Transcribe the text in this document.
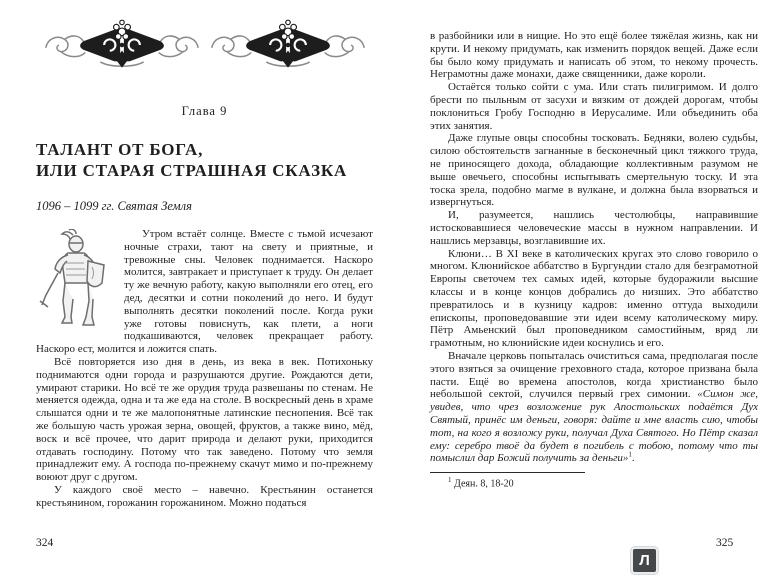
Глава 9

ТАЛАНТ ОТ БОГА,
ИЛИ СТАРАЯ СТРАШНАЯ СКАЗКА

1096 – 1099 гг. Святая Земля

Утром встаёт солнце. Вместе с тьмой исчезают ночные страхи, тают на свету и приятные, и тревожные сны. Человек поднимается. Наскоро молится, завтракает и приступает к труду. Он делает ту же вечную работу, какую выполняли его отец, его дед, десятки и сотни поколений до него. И будут выполнять десятки поколений после. Когда руки уже готовы повиснуть, как плети, а ноги подкашиваются, человек прекращает работу. Наскоро ест, молится и ложится спать.

Всё повторяется изо дня в день, из века в век. Потихоньку поднимаются одни города и разрушаются другие. Рождаются дети, умирают старики. Но всё те же орудия труда развешаны по стенам. Не меняется одежда, одна и та же еда на столе. В воскресный день в храме слышатся одни и те же малопонятные латинские песнопения. Всё так же большую часть урожая зерна, овощей, фруктов, а также вино, мёд, воск и всё прочее, что дарит природа и делают руки, приходится отдавать господину. Потому что так заведено. Потому что земля принадлежит ему. А господа по-прежнему скачут мимо и по-прежнему воюют друг с другом.

У каждого своё место – навечно. Крестьянин останется крестьянином, горожанин горожанином. Можно податься

в разбойники или в нищие. Но это ещё более тяжёлая жизнь, как ни крути. И некому придумать, как изменить порядок вещей. Даже если бы было кому придумать и написать об этом, то некому прочесть. Неграмотны даже монахи, даже священники, даже короли.

Остаётся только сойти с ума. Или стать пилигримом. И долго брести по пыльным от засухи и вязким от дождей дорогам, чтобы поклониться Гробу Господню в Иерусалиме. Или объединить оба этих занятия.

Даже глупые овцы способны тосковать. Бедняки, волею судьбы, силою обстоятельств загнанные в бесконечный цикл тяжкого труда, не приносящего дохода, обладающие коллективным разумом не выше овечьего, способны испытывать смертельную тоску. И эта тоска зрела, подобно магме в вулкане, и должна была взорваться и извергнуться.

И, разумеется, нашлись честолюбцы, направившие истосковавшиеся человеческие массы в нужном направлении. И нашлись мерзавцы, возглавившие их.

Клюни… В XI веке в католических кругах это слово говорило о многом. Клюнийское аббатство в Бургундии стало для безграмотной Европы светочем тех самых идей, которые будоражили высшие классы и в конце концов добрались до низших. Это аббатство превратилось и в кузницу кадров: именно оттуда выходили епископы, проповедовавшие эти идеи всему католическому миру. Пётр Амьенский был проповедником самостийным, вряд ли грамотным, но клюнийские идеи коснулись и его.

Вначале церковь попыталась очиститься сама, предполагая после этого взяться за очищение греховного стада, которое призвана была пасти. Ещё во времена апостолов, когда христианство было небольшой сектой, случился первый грех симонии. «Симон же, увидев, что чрез возложение рук Апостольских подаётся Дух Святый, принёс им деньги, говоря: дайте и мне власть сию, чтобы тот, на кого я возложу руки, получал Духа Святого. Но Пётр сказал ему: серебро твоё да будет в погибель с тобою, потому что ты помыслил дар Божий получить за деньги»$^1$.

$^1$ Деян. 8, 18-20
324	325
Л
